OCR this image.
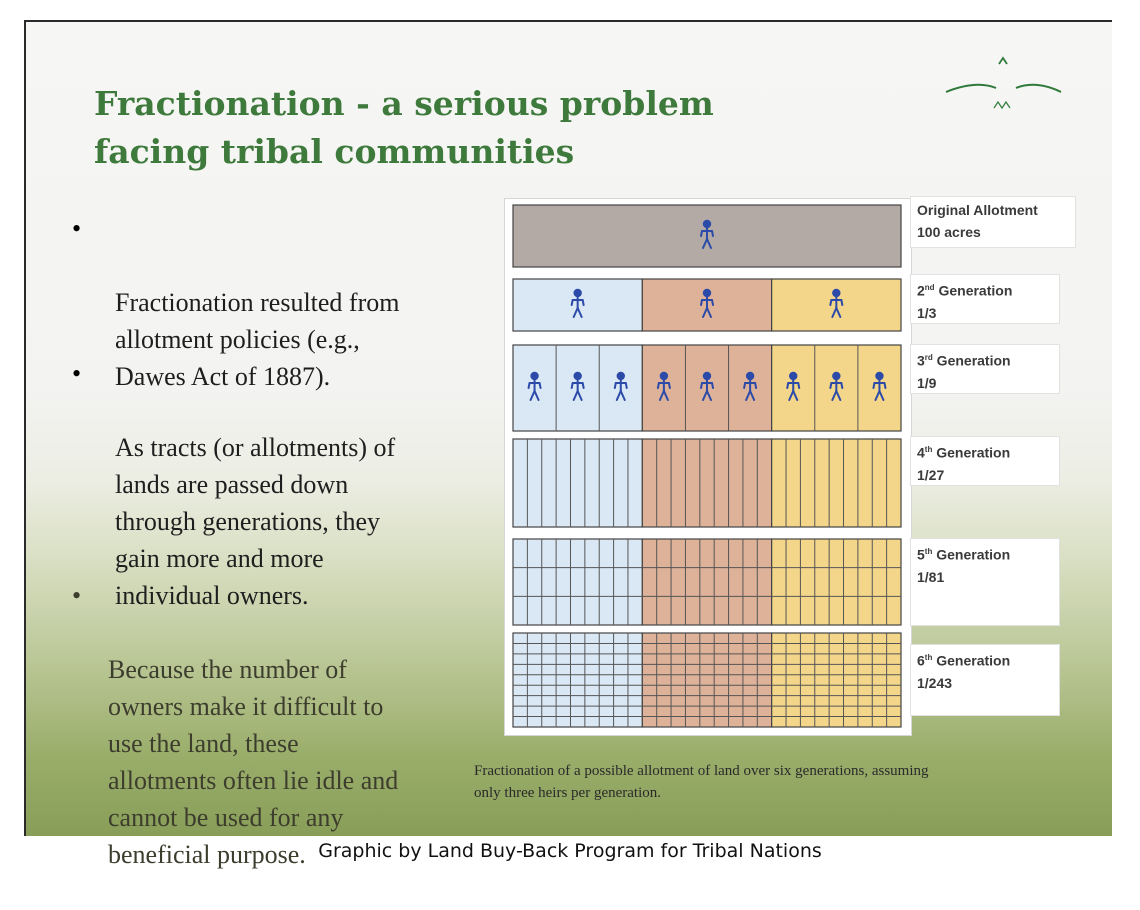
Fractionation - a serious problem
facing tribal communities

•

Fractionation resulted from
allotment policies (e.g.,
Dawes Act of 1887).

•

As tracts (or allotments) of
lands are passed down
through generations, they
gain more and more
individual owners.

•

Because the number of
owners make it difficult to
use the land, these
allotments often lie idle and
cannot be used for any
beneficial purpose.

Original Allotment
100 acres
2nd Generation
1/3
3rd Generation
1/9
4th Generation
1/27
5th Generation
1/81
6th Generation
1/243
Fractionation of a possible allotment of land over six generations, assuming only three heirs per generation.
Graphic by Land Buy-Back Program for Tribal Nations
